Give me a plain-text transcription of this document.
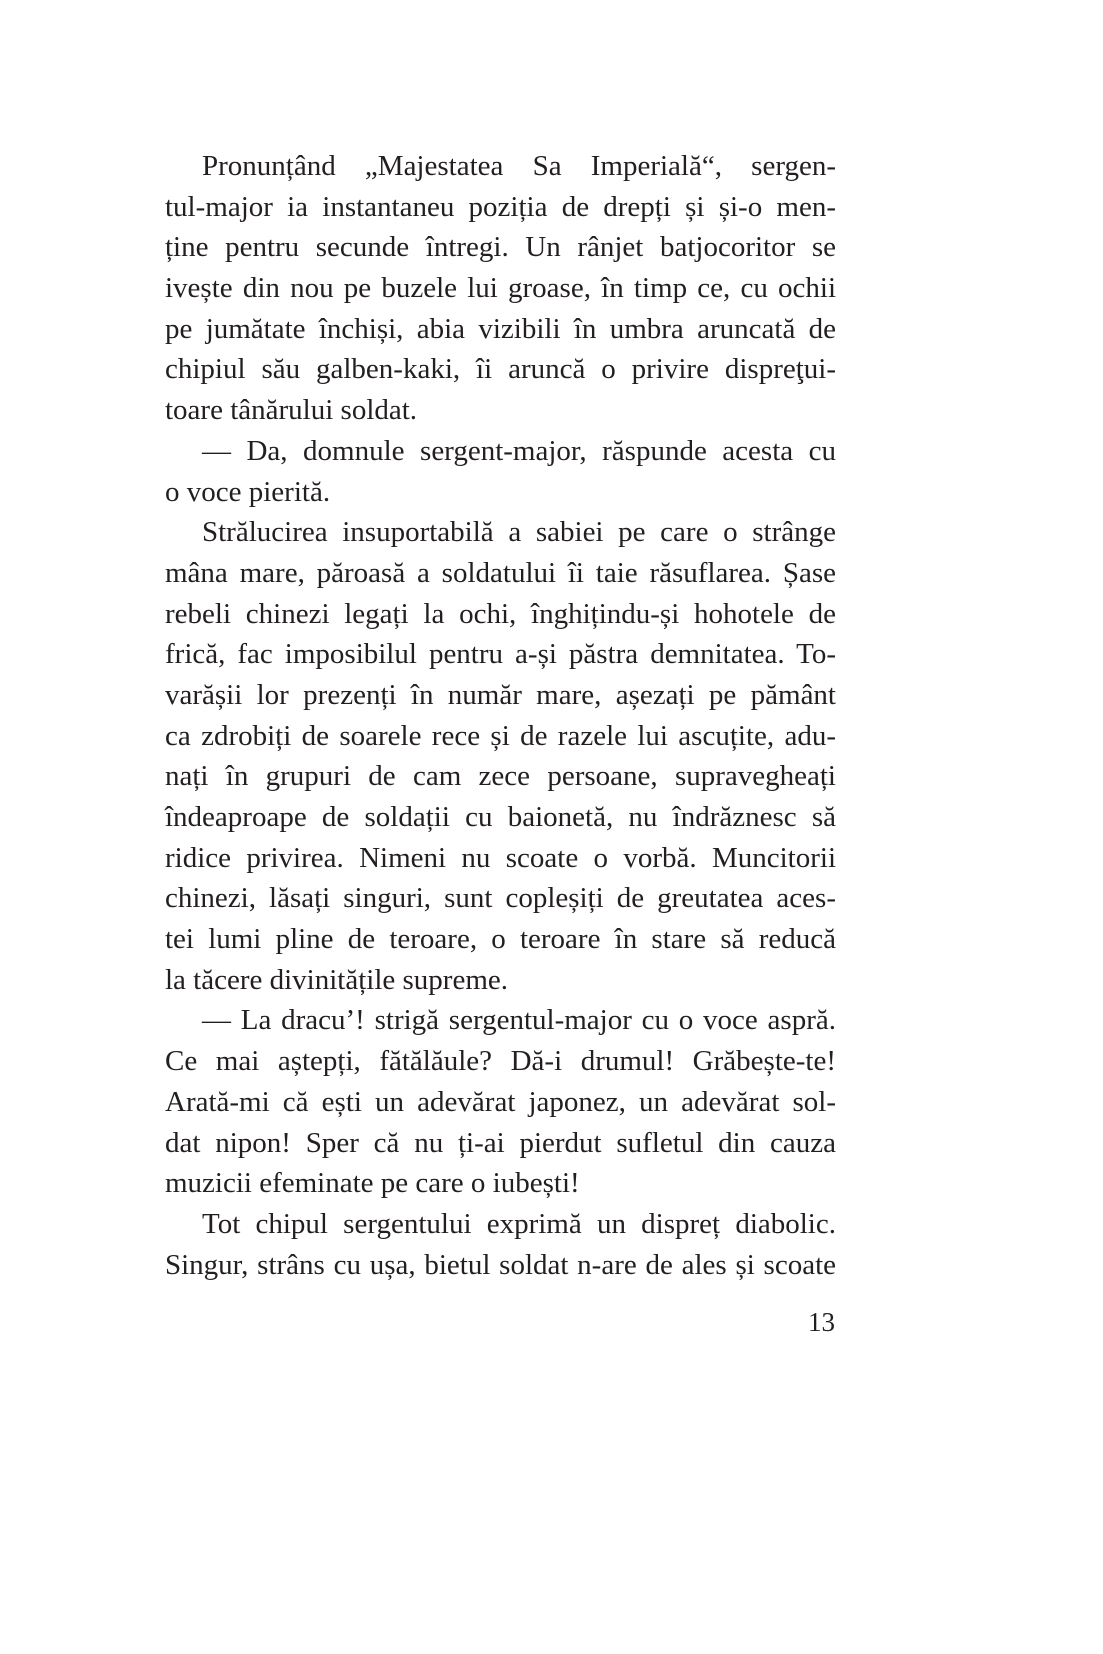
Pronunțând „Majestatea Sa Imperială“, sergen-
tul-major ia instantaneu poziția de drepți și și-o men-
ține pentru secunde întregi. Un rânjet batjocoritor se
ivește din nou pe buzele lui groase, în timp ce, cu ochii
pe jumătate închiși, abia vizibili în umbra aruncată de
chipiul său galben-kaki, îi aruncă o privire dispreţui-
toare tânărului soldat.
— Da, domnule sergent-major, răspunde acesta cu
o voce pierită.
Strălucirea insuportabilă a sabiei pe care o strânge
mâna mare, păroasă a soldatului îi taie răsuflarea. Șase
rebeli chinezi legați la ochi, înghițindu-și hohotele de
frică, fac imposibilul pentru a-și păstra demnitatea. To-
varășii lor prezenți în număr mare, așezați pe pământ
ca zdrobiți de soarele rece și de razele lui ascuțite, adu-
nați în grupuri de cam zece persoane, supravegheați
îndeaproape de soldații cu baionetă, nu îndrăznesc să
ridice privirea. Nimeni nu scoate o vorbă. Muncitorii
chinezi, lăsați singuri, sunt copleșiți de greutatea aces-
tei lumi pline de teroare, o teroare în stare să reducă
la tăcere divinitățile supreme.
— La dracu’! strigă sergentul-major cu o voce aspră.
Ce mai aștepți, fătălăule? Dă-i drumul! Grăbește-te!
Arată-mi că ești un adevărat japonez, un adevărat sol-
dat nipon! Sper că nu ți-ai pierdut sufletul din cauza
muzicii efeminate pe care o iubești!
Tot chipul sergentului exprimă un dispreț diabolic.
Singur, strâns cu ușa, bietul soldat n-are de ales și scoate
13
